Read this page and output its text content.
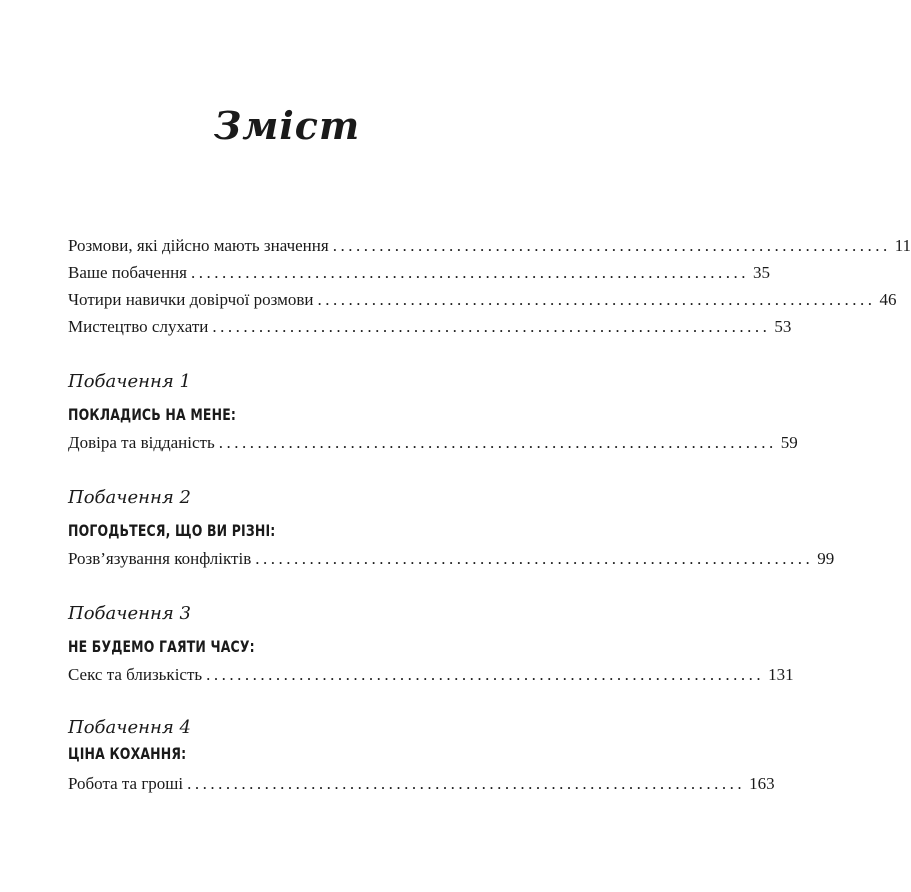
Зміст
Розмови, які дійсно мають значення ........................................................................ 11
Ваше побачення ........................................................................ 35
Чотири навички довірчої розмови ........................................................................ 46
Мистецтво слухати ........................................................................ 53
Побачення 1
ПОКЛАДИСЬ НА МЕНЕ:
Довіра та відданість ........................................................................ 59
Побачення 2
ПОГОДЬТЕСЯ, ЩО ВИ РІЗНІ:
Розв’язування конфліктів ........................................................................ 99
Побачення 3
НЕ БУДЕМО ГАЯТИ ЧАСУ:
Секс та близькість ........................................................................ 131
Побачення 4
ЦІНА КОХАННЯ:
Робота та гроші ........................................................................ 163
